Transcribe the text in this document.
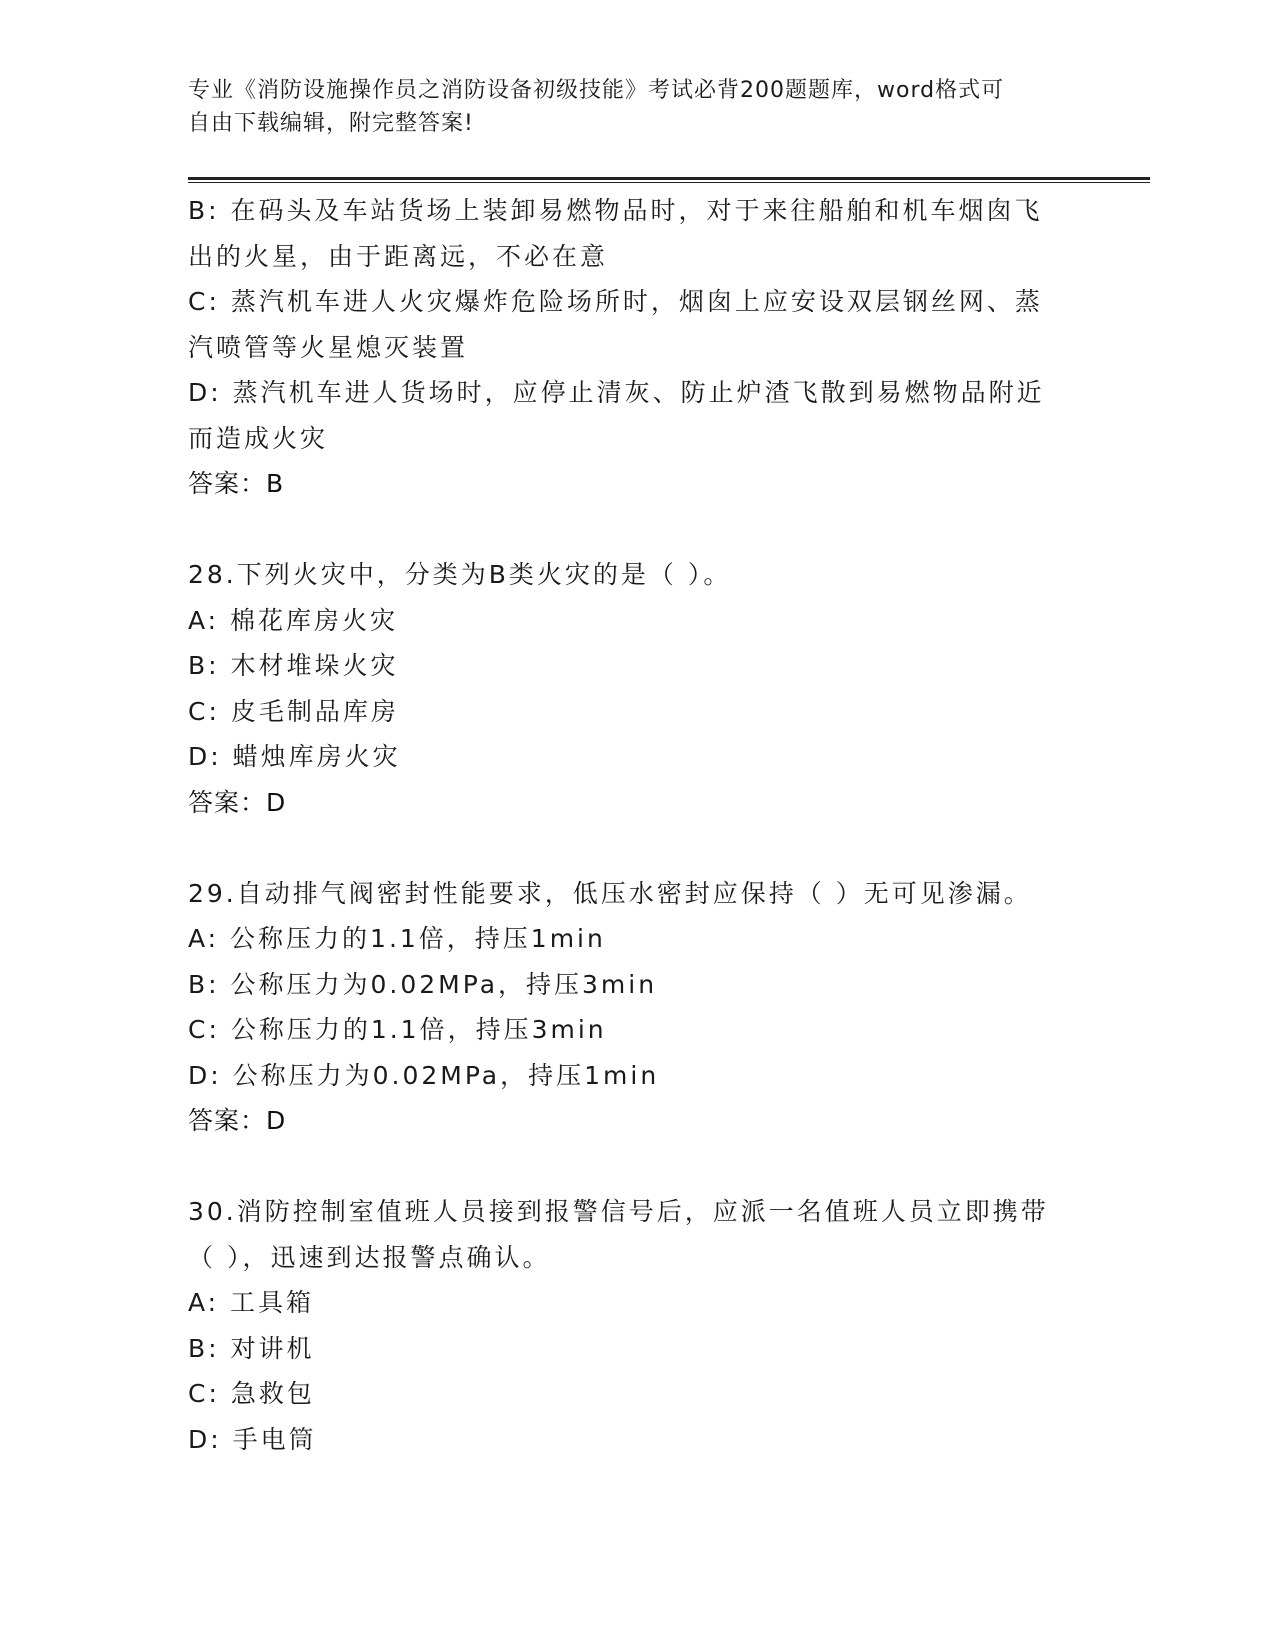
专业《消防设施操作员之消防设备初级技能》考试必背200题题库，word格式可
自由下载编辑，附完整答案!
B: 在码头及车站货场上装卸易燃物品时，对于来往船舶和机车烟囱飞
出的火星，由于距离远，不必在意
C: 蒸汽机车进人火灾爆炸危险场所时，烟囱上应安设双层钢丝网、蒸
汽喷管等火星熄灭装置
D: 蒸汽机车进人货场时，应停止清灰、防止炉渣飞散到易燃物品附近
而造成火灾
答案：B
28.下列火灾中，分类为B类火灾的是（ ）。
A: 棉花库房火灾
B: 木材堆垛火灾
C: 皮毛制品库房
D: 蜡烛库房火灾
答案：D
29.自动排气阀密封性能要求，低压水密封应保持（ ）无可见渗漏。
A: 公称压力的1.1倍，持压1min
B: 公称压力为0.02MPa，持压3min
C: 公称压力的1.1倍，持压3min
D: 公称压力为0.02MPa，持压1min
答案：D
30.消防控制室值班人员接到报警信号后，应派一名值班人员立即携带
（ ），迅速到达报警点确认。
A: 工具箱
B: 对讲机
C: 急救包
D: 手电筒
